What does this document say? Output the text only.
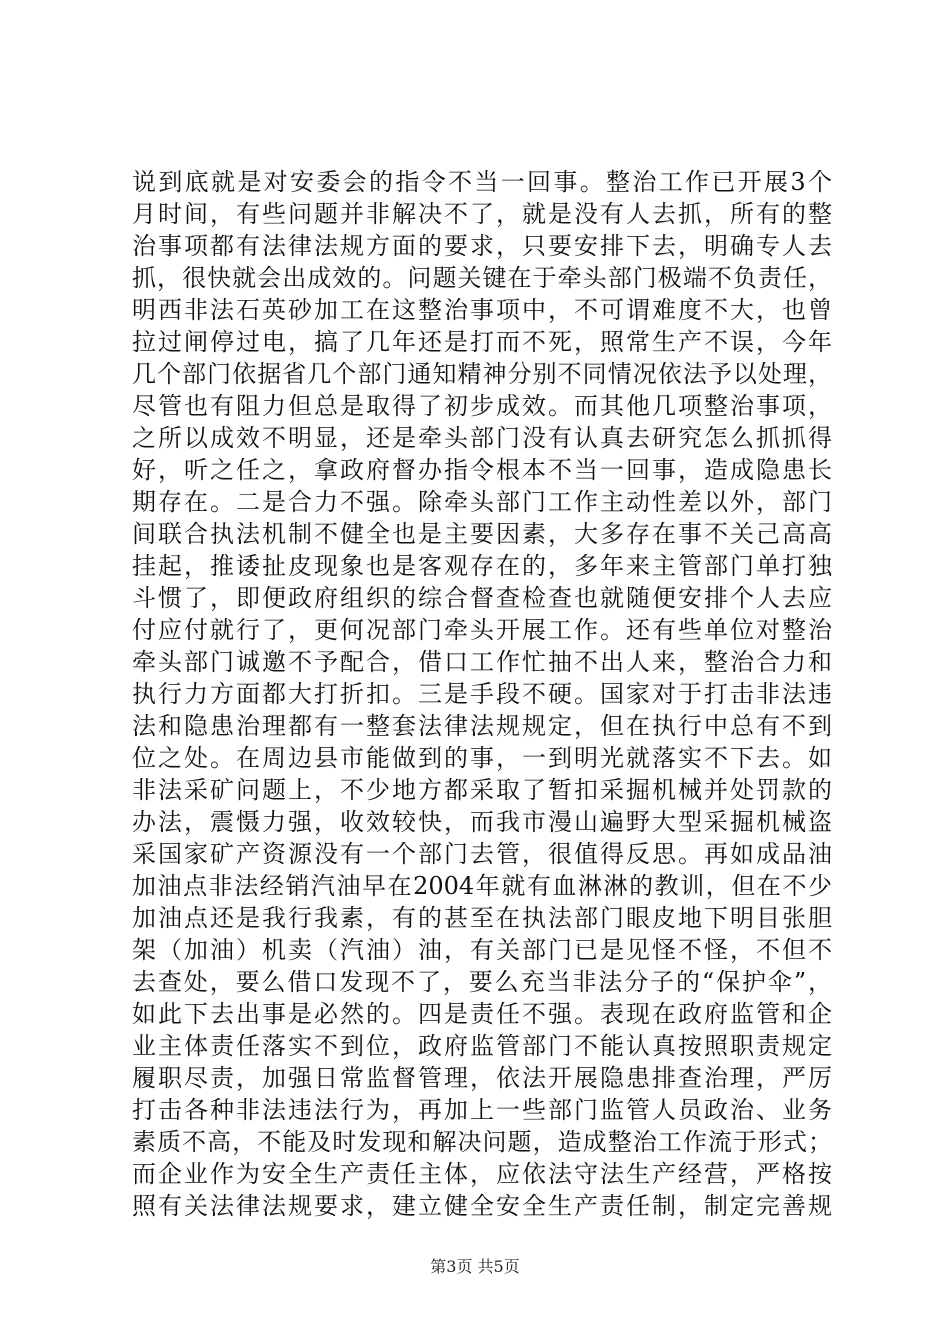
说到底就是对安委会的指令不当一回事。整治工作已开展3个
月时间，有些问题并非解决不了，就是没有人去抓，所有的整
治事项都有法律法规方面的要求，只要安排下去，明确专人去
抓，很快就会出成效的。问题关键在于牵头部门极端不负责任，
明西非法石英砂加工在这整治事项中，不可谓难度不大，也曾
拉过闸停过电，搞了几年还是打而不死，照常生产不误，今年
几个部门依据省几个部门通知精神分别不同情况依法予以处理，
尽管也有阻力但总是取得了初步成效。而其他几项整治事项，
之所以成效不明显，还是牵头部门没有认真去研究怎么抓抓得
好，听之任之，拿政府督办指令根本不当一回事，造成隐患长
期存在。二是合力不强。除牵头部门工作主动性差以外，部门
间联合执法机制不健全也是主要因素，大多存在事不关己高高
挂起，推诿扯皮现象也是客观存在的，多年来主管部门单打独
斗惯了，即便政府组织的综合督查检查也就随便安排个人去应
付应付就行了，更何况部门牵头开展工作。还有些单位对整治
牵头部门诚邀不予配合，借口工作忙抽不出人来，整治合力和
执行力方面都大打折扣。三是手段不硬。国家对于打击非法违
法和隐患治理都有一整套法律法规规定，但在执行中总有不到
位之处。在周边县市能做到的事，一到明光就落实不下去。如
非法采矿问题上，不少地方都采取了暂扣采掘机械并处罚款的
办法，震慑力强，收效较快，而我市漫山遍野大型采掘机械盗
采国家矿产资源没有一个部门去管，很值得反思。再如成品油
加油点非法经销汽油早在2004年就有血淋淋的教训，但在不少
加油点还是我行我素，有的甚至在执法部门眼皮地下明目张胆
架（加油）机卖（汽油）油，有关部门已是见怪不怪，不但不
去查处，要么借口发现不了，要么充当非法分子的“保护伞”，
如此下去出事是必然的。四是责任不强。表现在政府监管和企
业主体责任落实不到位，政府监管部门不能认真按照职责规定
履职尽责，加强日常监督管理，依法开展隐患排查治理，严厉
打击各种非法违法行为，再加上一些部门监管人员政治、业务
素质不高，不能及时发现和解决问题，造成整治工作流于形式；
而企业作为安全生产责任主体，应依法守法生产经营，严格按
照有关法律法规要求，建立健全安全生产责任制，制定完善规
第3页 共5页
